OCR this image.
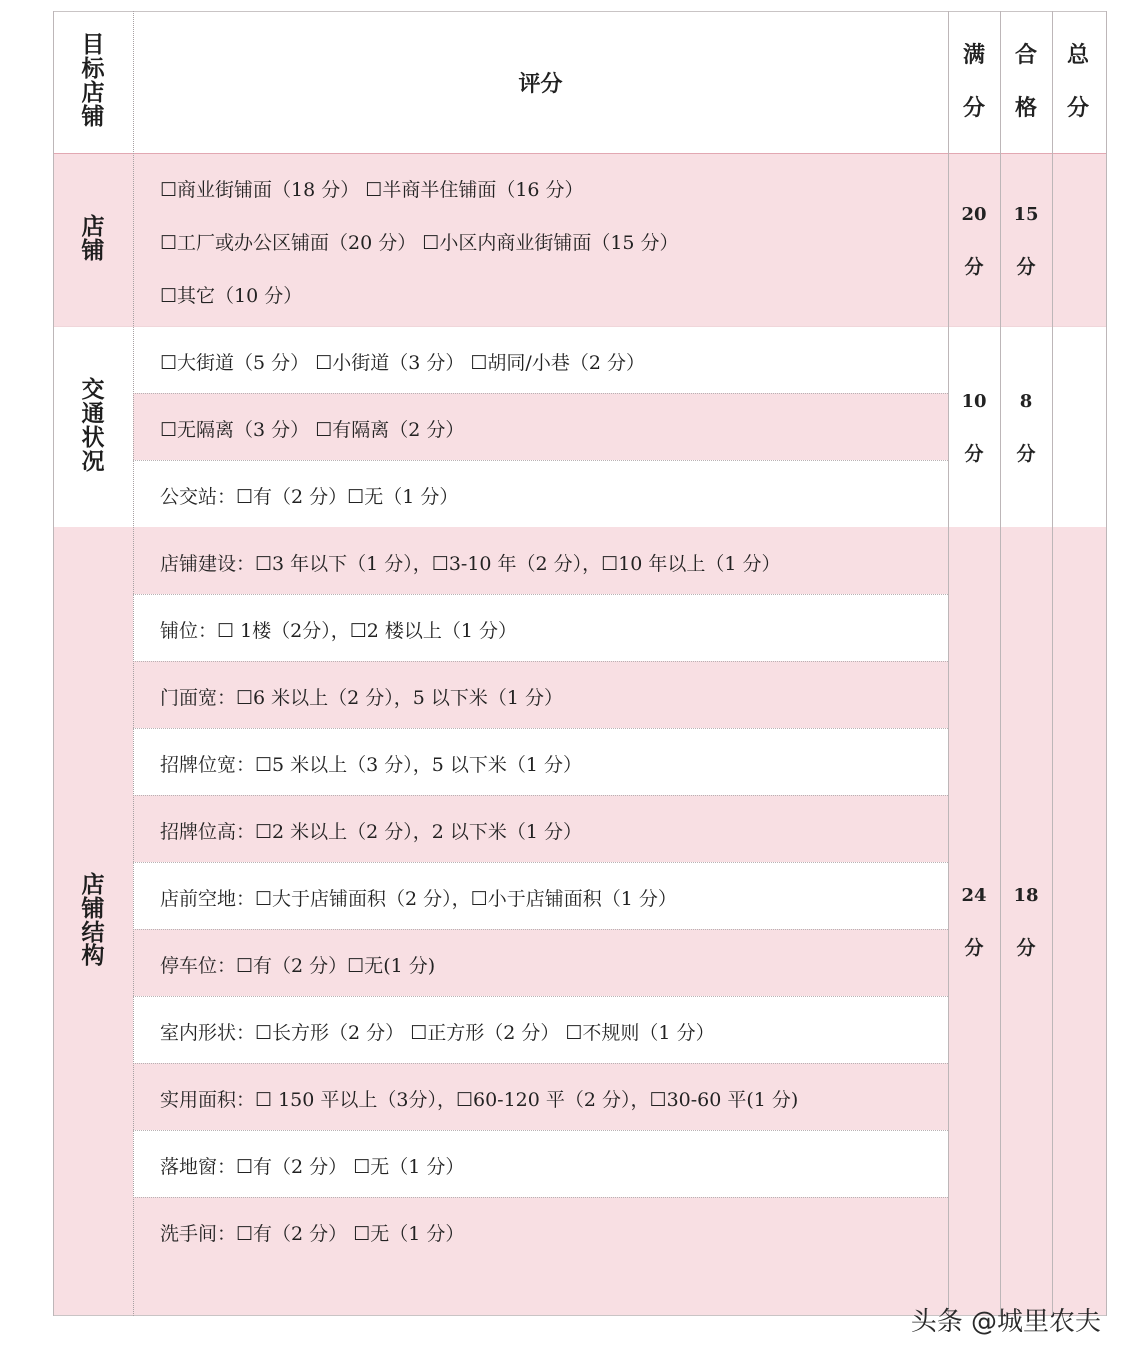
目标店铺
评分
满分
合格
总分
店铺
☐商业街铺面（18 分） ☐半商半住铺面（16 分）
☐工厂或办公区铺面（20 分） ☐小区内商业街铺面（15 分）
☐其它（10 分）
20
分
15
分
交通状况
☐大街道（5 分） ☐小街道（3 分） ☐胡同/小巷（2 分）
☐无隔离（3 分） ☐有隔离（2 分）
公交站：☐有（2 分）☐无（1 分）
10
分
8
分
店铺结构
店铺建设：☐3 年以下（1 分），☐3-10 年（2 分），☐10 年以上（1 分）
铺位：☐ 1楼（2分），☐2 楼以上（1 分）
门面宽：☐6 米以上（2 分），5 以下米（1 分）
招牌位宽：☐5 米以上（3 分），5 以下米（1 分）
招牌位高：☐2 米以上（2 分），2 以下米（1 分）
店前空地：☐大于店铺面积（2 分），☐小于店铺面积（1 分）
停车位：☐有（2 分）☐无(1 分)
室内形状：☐长方形（2 分） ☐正方形（2 分） ☐不规则（1 分）
实用面积：☐ 150 平以上（3分），☐60-120 平（2 分），☐30-60 平(1 分)
落地窗：☐有（2 分） ☐无（1 分）
洗手间：☐有（2 分） ☐无（1 分）
24
分
18
分
头条 @城里农夫
